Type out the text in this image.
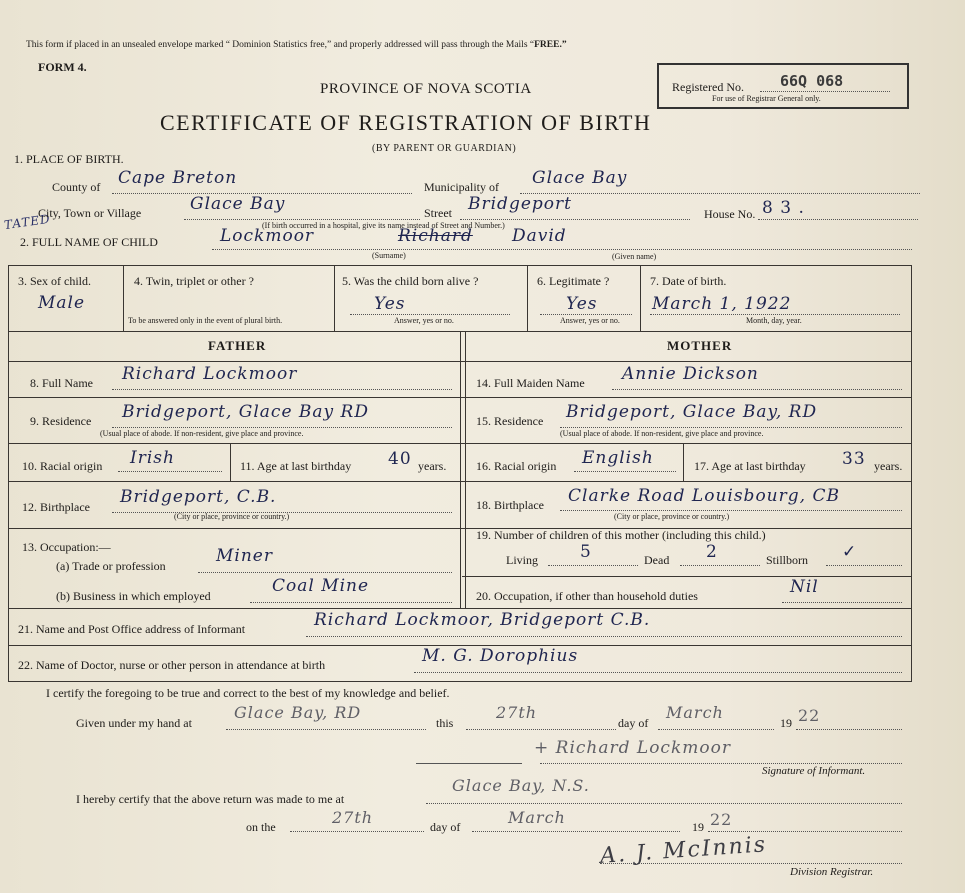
This form if placed in an unsealed envelope marked “ Dominion Statistics free,” and properly addressed will pass through the Mails “FREE.”
FORM 4.
PROVINCE OF NOVA SCOTIA
CERTIFICATE OF REGISTRATION OF BIRTH
(BY PARENT OR GUARDIAN)
Registered No. 66Q 068
For use of Registrar General only.
1. PLACE OF BIRTH.
County of Cape Breton	Municipality of Glace Bay
TATED
City, Town or Village	Glace Bay	Street Bridgeport	House No. 8 3 .
(If birth occurred in a hospital, give its name instead of Street and Number.)
2. FULL NAME OF CHILD	Lockmoor	Richard David
(Surname)	(Given name)
3. Sex of child.
Male
4. Twin, triplet or other ?
To be answered only in the event of plural birth.
5. Was the child born alive ?
Yes
Answer, yes or no.
6. Legitimate ?
Yes
Answer, yes or no.
7. Date of birth.
March 1, 1922
Month, day, year.
FATHER	MOTHER
8. Full Name Richard Lockmoor
9. Residence Bridgeport, Glace Bay RD
(Usual place of abode. If non-resident, give place and province.
10. Racial origin Irish	11. Age at last birthday 40 years.
12. Birthplace Bridgeport, C.B.
(City or place, province or country.)
13. Occupation:—
(a) Trade or profession	Miner
(b) Business in which employed	Coal Mine
14. Full Maiden Name Annie Dickson
15. Residence Bridgeport, Glace Bay, RD
(Usual place of abode. If non-resident, give place and province.
16. Racial origin English	17. Age at last birthday 33 years.
18. Birthplace Clarke Road Louisbourg, CB
(City or place, province or country.)
19. Number of children of this mother (including this child.)
Living 5	Dead 2	Stillborn ✓
20. Occupation, if other than household duties	Nil
21. Name and Post Office address of Informant	Richard Lockmoor, Bridgeport C.B.
22. Name of Doctor, nurse or other person in attendance at birth	M. G. Dorophius
I certify the foregoing to be true and correct to the best of my knowledge and belief.
Given under my hand at
Glace Bay, RD
this
27th
day of
March
19 22
+ Richard Lockmoor
Signature of Informant.
I hereby certify that the above return was made to me at
Glace Bay, N.S.
on the	27th	day of	March	19 22
A. J. McInnis
Division Registrar.
